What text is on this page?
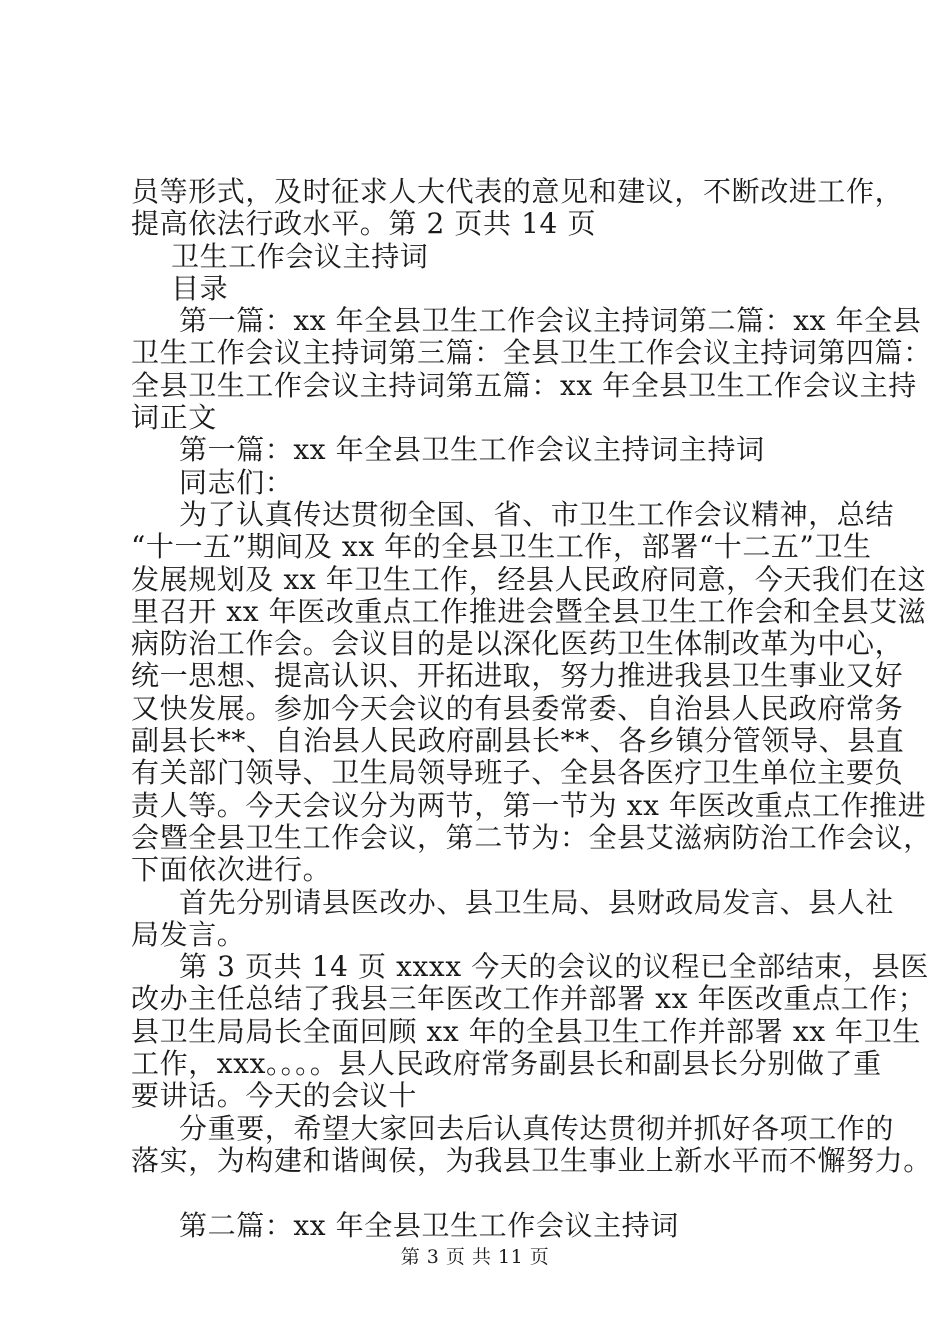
员等形式，及时征求人大代表的意见和建议，不断改进工作，
提高依法行政水平。第 2 页共 14 页
卫生工作会议主持词
目录
第一篇：xx 年全县卫生工作会议主持词第二篇：xx 年全县
卫生工作会议主持词第三篇：全县卫生工作会议主持词第四篇：
全县卫生工作会议主持词第五篇：xx 年全县卫生工作会议主持
词正文
第一篇：xx 年全县卫生工作会议主持词主持词
同志们：
为了认真传达贯彻全国、省、市卫生工作会议精神，总结
“十一五”期间及 xx 年的全县卫生工作，部署“十二五”卫生
发展规划及 xx 年卫生工作，经县人民政府同意，今天我们在这
里召开 xx 年医改重点工作推进会暨全县卫生工作会和全县艾滋
病防治工作会。会议目的是以深化医药卫生体制改革为中心，
统一思想、提高认识、开拓进取，努力推进我县卫生事业又好
又快发展。参加今天会议的有县委常委、自治县人民政府常务
副县长**、自治县人民政府副县长**、各乡镇分管领导、县直
有关部门领导、卫生局领导班子、全县各医疗卫生单位主要负
责人等。今天会议分为两节，第一节为 xx 年医改重点工作推进
会暨全县卫生工作会议，第二节为：全县艾滋病防治工作会议，
下面依次进行。
首先分别请县医改办、县卫生局、县财政局发言、县人社
局发言。
第 3 页共 14 页 xxxx 今天的会议的议程已全部结束，县医
改办主任总结了我县三年医改工作并部署 xx 年医改重点工作；
县卫生局局长全面回顾 xx 年的全县卫生工作并部署 xx 年卫生
工作，xxx。。。。县人民政府常务副县长和副县长分别做了重
要讲话。今天的会议十
分重要，希望大家回去后认真传达贯彻并抓好各项工作的
落实，为构建和谐闽侯，为我县卫生事业上新水平而不懈努力。
第二篇：xx 年全县卫生工作会议主持词
第 3 页 共 11 页
